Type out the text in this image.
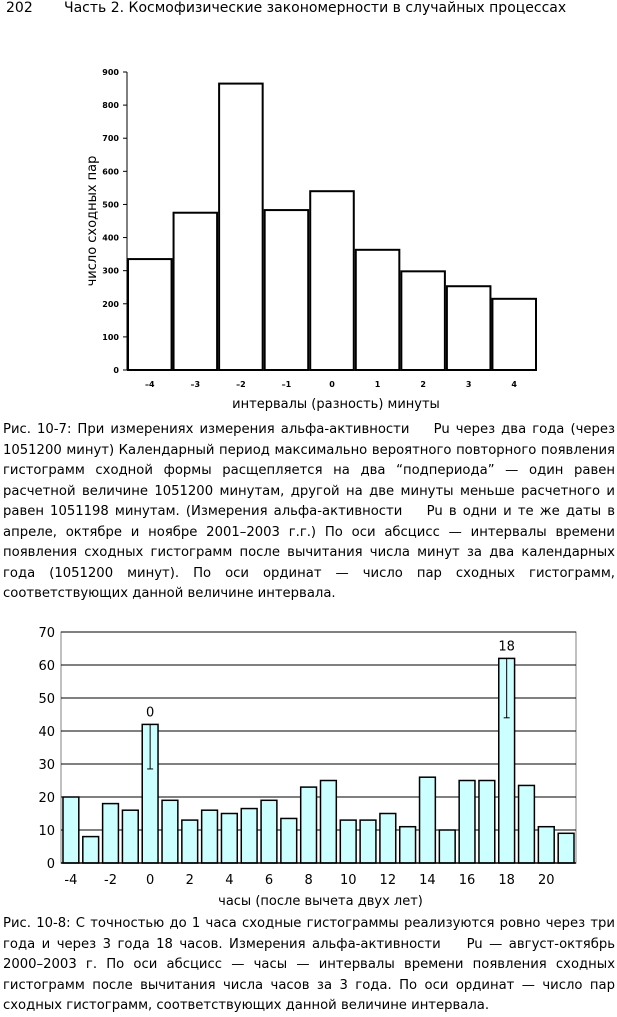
202 Часть 2. Космофизические закономерности в случайных процессах
0
100
200
300
400
500
600
700
800
900
–4	–3	–2	–1	0	1	2	3	4
интервалы (разность) минуты
число сходных пар
Рис. 10-7: При измерениях измерения альфа-активности    Pu через два года (через 1051200 минут) Календарный период максимально вероятного повторного появления гистограмм сходной формы расщепляется на два “подпериода” — один равен расчетной величине 1051200 минутам, другой на две минуты меньше расчетного и равен 1051198 минутам. (Измерения альфа-активности    Pu в одни и те же даты в апреле, октябре и ноябре 2001–2003 г.г.) По оси абсцисс — интервалы времени появления сходных гистограмм после вычитания числа минут за два календарных года (1051200 минут). По оси ординат — число пар сходных гистограмм, соответствующих данной величине интервала.
0
10
20
30
40
50
60
70
0
18
-4 -2 0 2 4 6 8 10 12 14 16 18 20
часы (после вычета двух лет)
Рис. 10-8: С точностью до 1 часа сходные гистограммы реализуются ровно через три года и через 3 года 18 часов. Измерения альфа-активности    Pu — август-октябрь 2000–2003 г. По оси абсцисс — часы — интервалы времени появления сходных гистограмм после вычитания числа часов за 3 года. По оси ординат — число пар сходных гистограмм, соответствующих данной величине интервала.
